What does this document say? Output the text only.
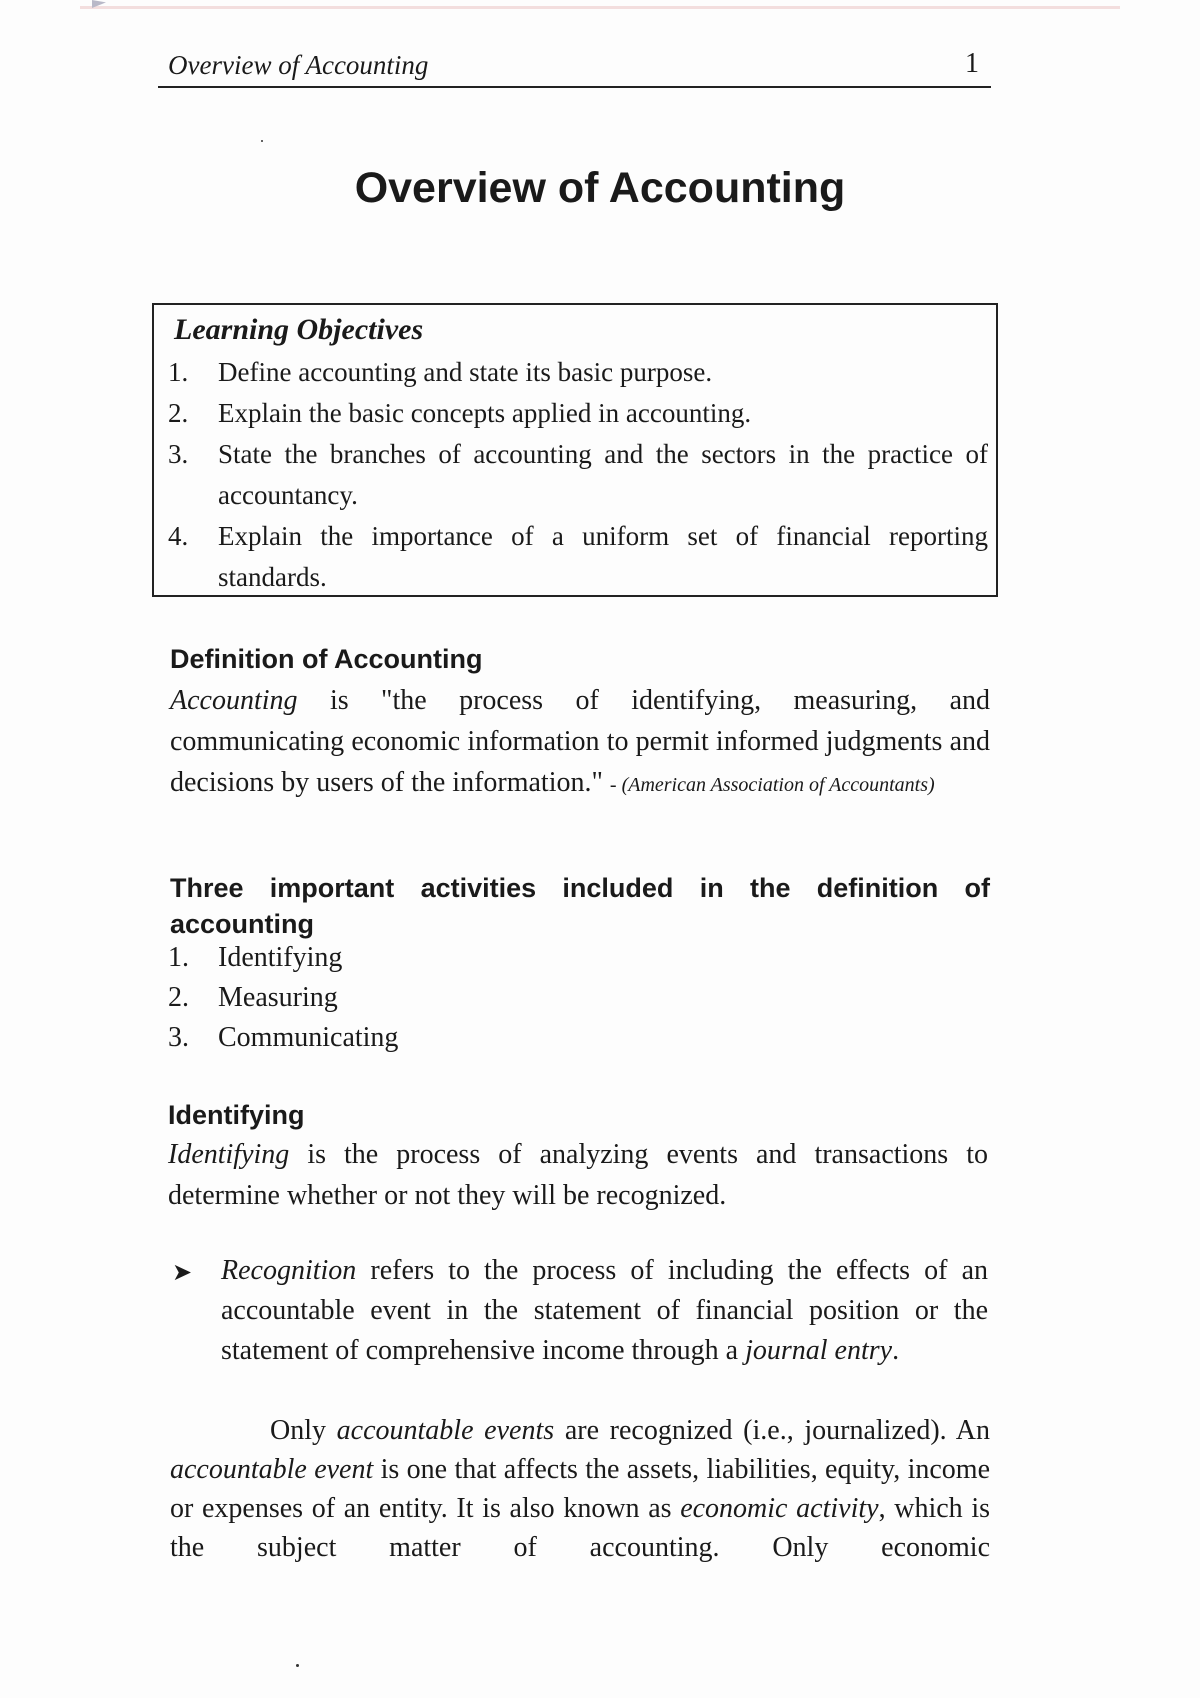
Overview of Accounting	1
Overview of Accounting
Learning Objectives
1. Define accounting and state its basic purpose.
2. Explain the basic concepts applied in accounting.
3. State the branches of accounting and the sectors in the practice of accountancy.
4. Explain the importance of a uniform set of financial reporting standards.
Definition of Accounting
Accounting is "the process of identifying, measuring, and communicating economic information to permit informed judgments and decisions by users of the information." - (American Association of Accountants)
Three important activities included in the definition of accounting
1. Identifying
2. Measuring
3. Communicating
Identifying
Identifying is the process of analyzing events and transactions to determine whether or not they will be recognized.
➤ Recognition refers to the process of including the effects of an accountable event in the statement of financial position or the statement of comprehensive income through a journal entry.
Only accountable events are recognized (i.e., journalized). An accountable event is one that affects the assets, liabilities, equity, income or expenses of an entity. It is also known as economic activity, which is the subject matter of accounting. Only economic
